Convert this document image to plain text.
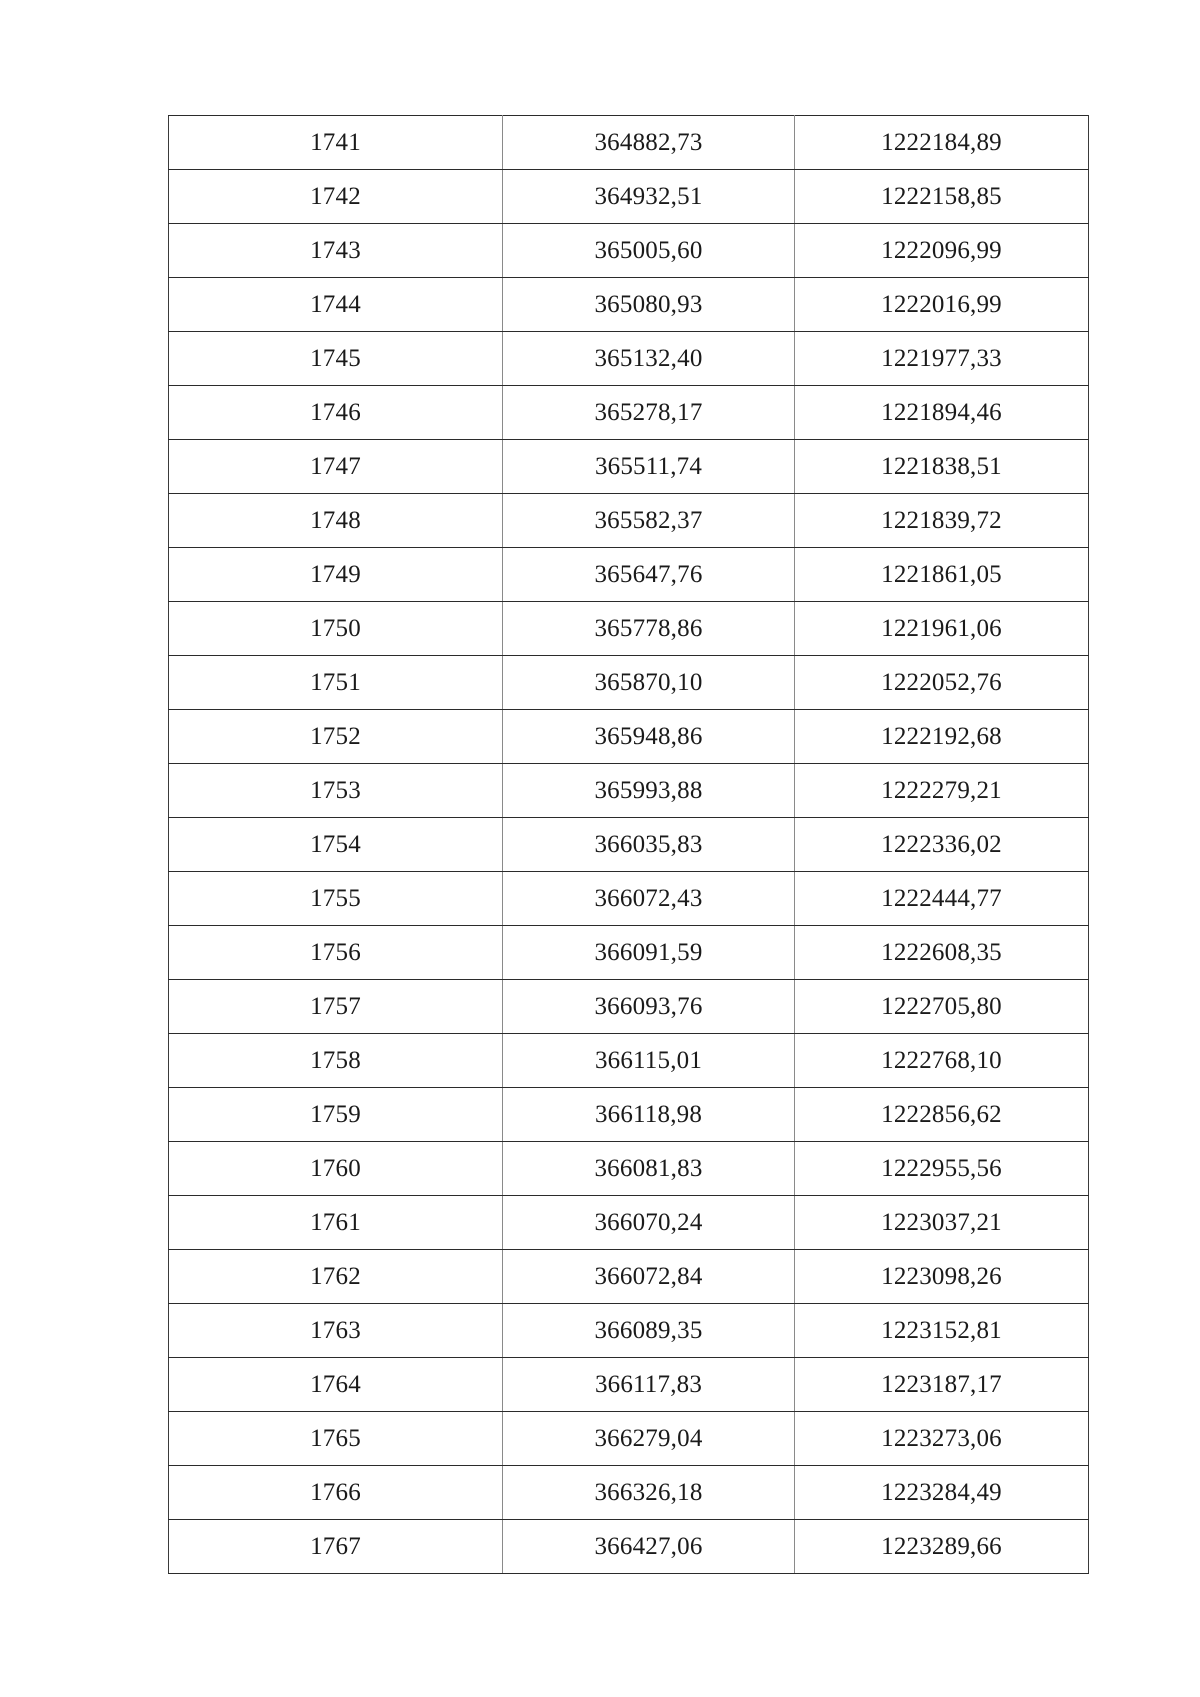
1741	364882,73	1222184,89
1742	364932,51	1222158,85
1743	365005,60	1222096,99
1744	365080,93	1222016,99
1745	365132,40	1221977,33
1746	365278,17	1221894,46
1747	365511,74	1221838,51
1748	365582,37	1221839,72
1749	365647,76	1221861,05
1750	365778,86	1221961,06
1751	365870,10	1222052,76
1752	365948,86	1222192,68
1753	365993,88	1222279,21
1754	366035,83	1222336,02
1755	366072,43	1222444,77
1756	366091,59	1222608,35
1757	366093,76	1222705,80
1758	366115,01	1222768,10
1759	366118,98	1222856,62
1760	366081,83	1222955,56
1761	366070,24	1223037,21
1762	366072,84	1223098,26
1763	366089,35	1223152,81
1764	366117,83	1223187,17
1765	366279,04	1223273,06
1766	366326,18	1223284,49
1767	366427,06	1223289,66
